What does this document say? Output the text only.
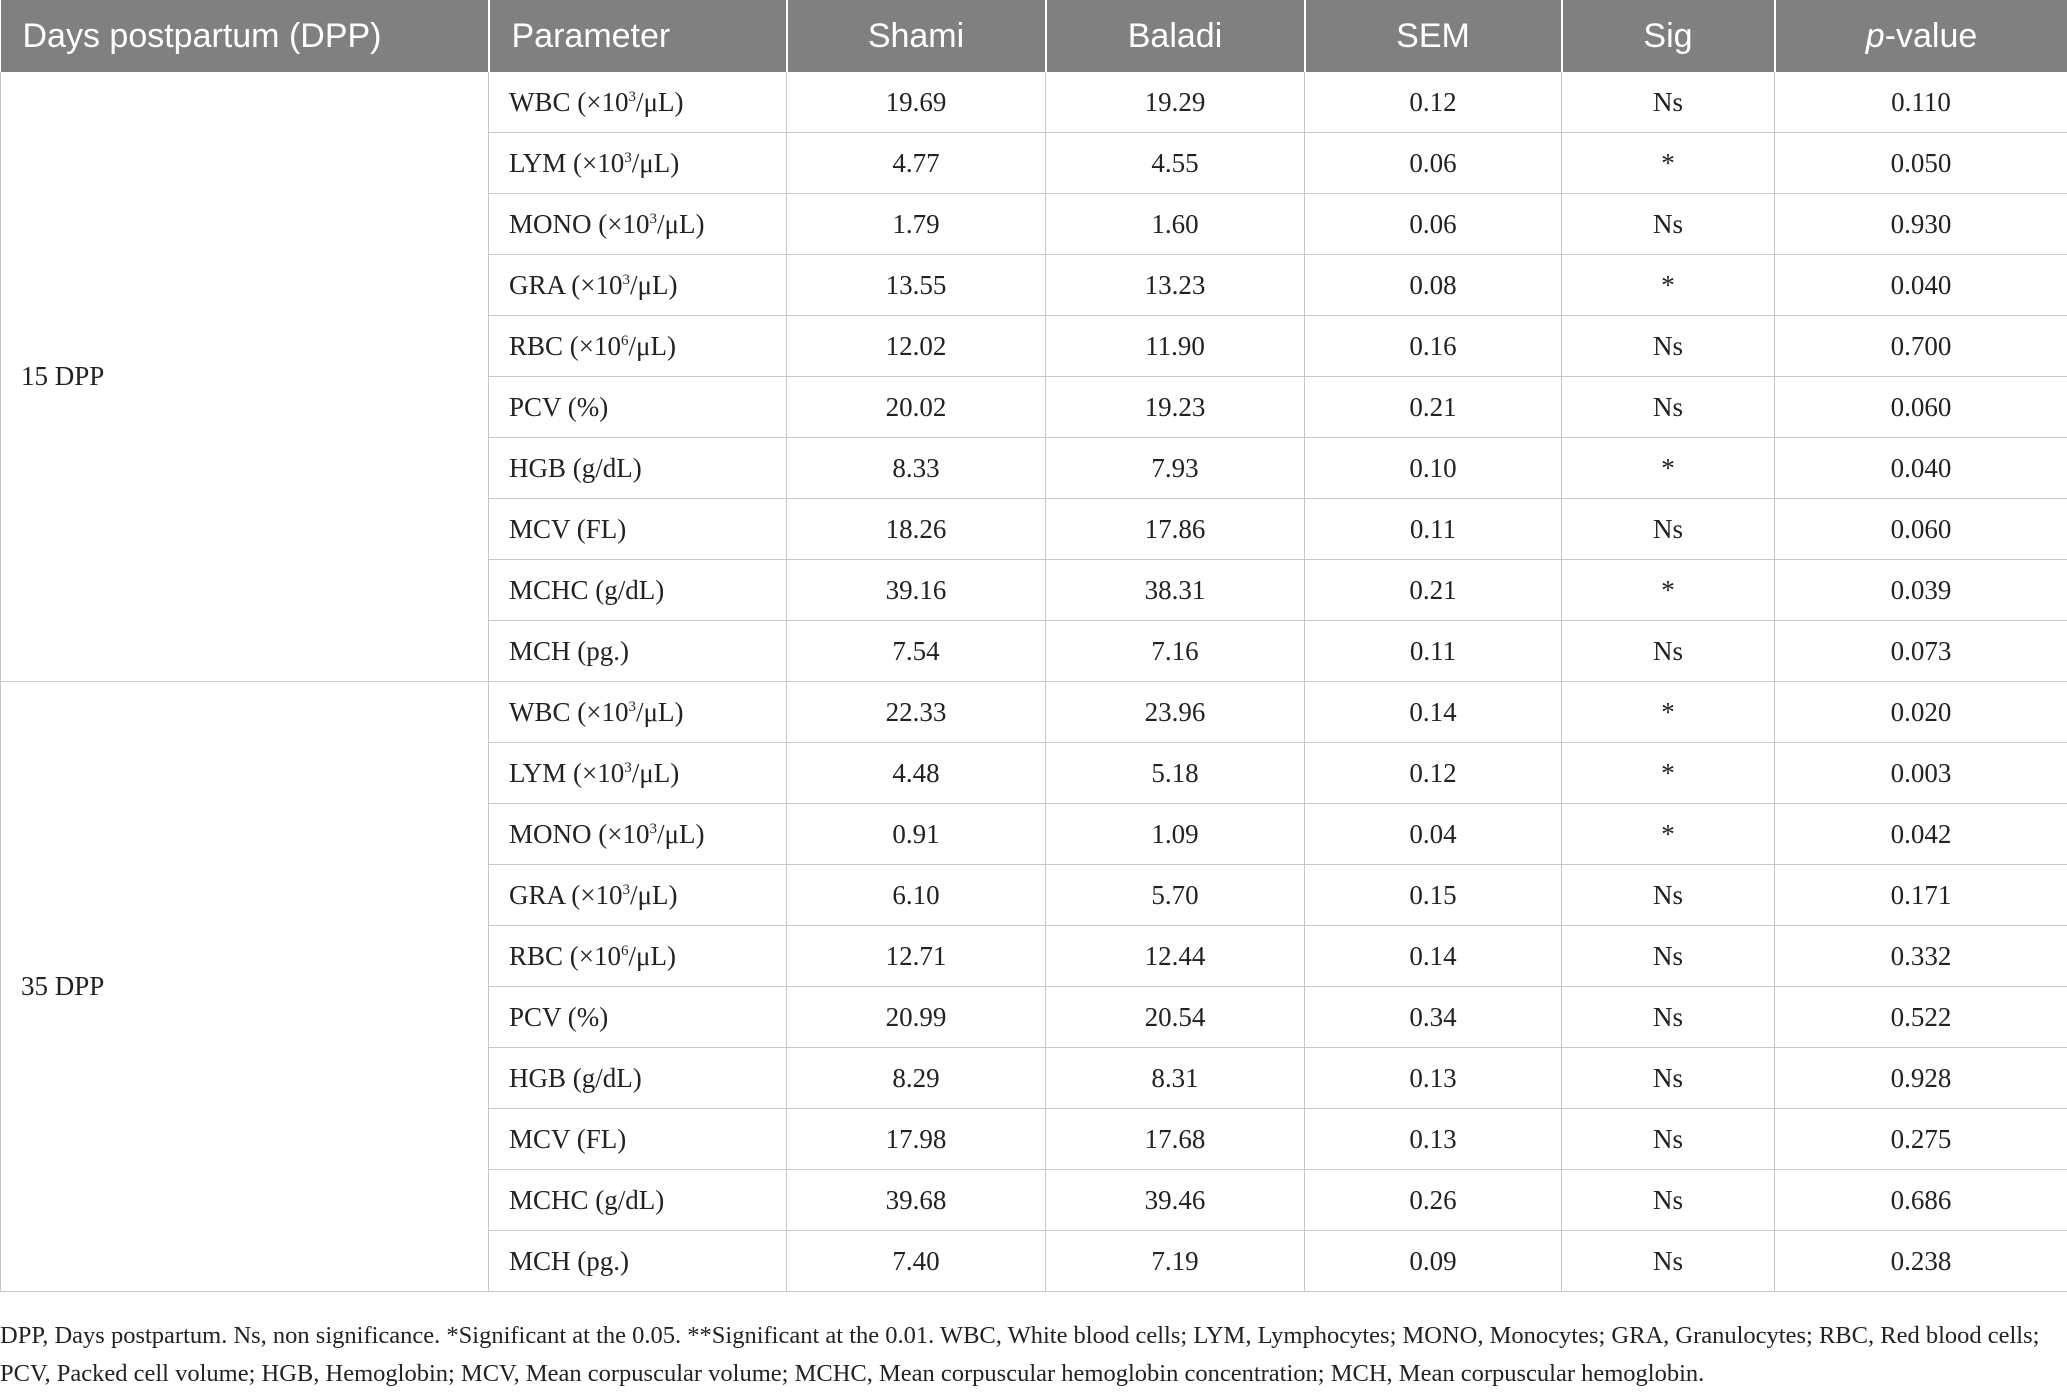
Days postpartum (DPP)	Parameter	Shami	Baladi	SEM	Sig	p-value
15 DPP	WBC $(\times 10^3/\mu L)$	19.69	19.29	0.12	Ns	0.110
	LYM $(\times 10^3/\mu L)$	4.77	4.55	0.06	*	0.050
	MONO $(\times 10^3/\mu L)$	1.79	1.60	0.06	Ns	0.930
	GRA $(\times 10^3/\mu L)$	13.55	13.23	0.08	*	0.040
	RBC $(\times 10^6/\mu L)$	12.02	11.90	0.16	Ns	0.700
	PCV (%)	20.02	19.23	0.21	Ns	0.060
	HGB (g/dL)	8.33	7.93	0.10	*	0.040
	MCV (FL)	18.26	17.86	0.11	Ns	0.060
	MCHC (g/dL)	39.16	38.31	0.21	*	0.039
	MCH (pg.)	7.54	7.16	0.11	Ns	0.073
35 DPP	WBC $(\times 10^3/\mu L)$	22.33	23.96	0.14	*	0.020
	LYM $(\times 10^3/\mu L)$	4.48	5.18	0.12	*	0.003
	MONO $(\times 10^3/\mu L)$	0.91	1.09	0.04	*	0.042
	GRA $(\times 10^3/\mu L)$	6.10	5.70	0.15	Ns	0.171
	RBC $(\times 10^6/\mu L)$	12.71	12.44	0.14	Ns	0.332
	PCV (%)	20.99	20.54	0.34	Ns	0.522
	HGB (g/dL)	8.29	8.31	0.13	Ns	0.928
	MCV (FL)	17.98	17.68	0.13	Ns	0.275
	MCHC (g/dL)	39.68	39.46	0.26	Ns	0.686
	MCH (pg.)	7.40	7.19	0.09	Ns	0.238
DPP, Days postpartum. Ns, non significance. *Significant at the 0.05. **Significant at the 0.01. WBC, White blood cells; LYM, Lymphocytes; MONO, Monocytes; GRA, Granulocytes; RBC, Red blood cells; PCV, Packed cell volume; HGB, Hemoglobin; MCV, Mean corpuscular volume; MCHC, Mean corpuscular hemoglobin concentration; MCH, Mean corpuscular hemoglobin.
